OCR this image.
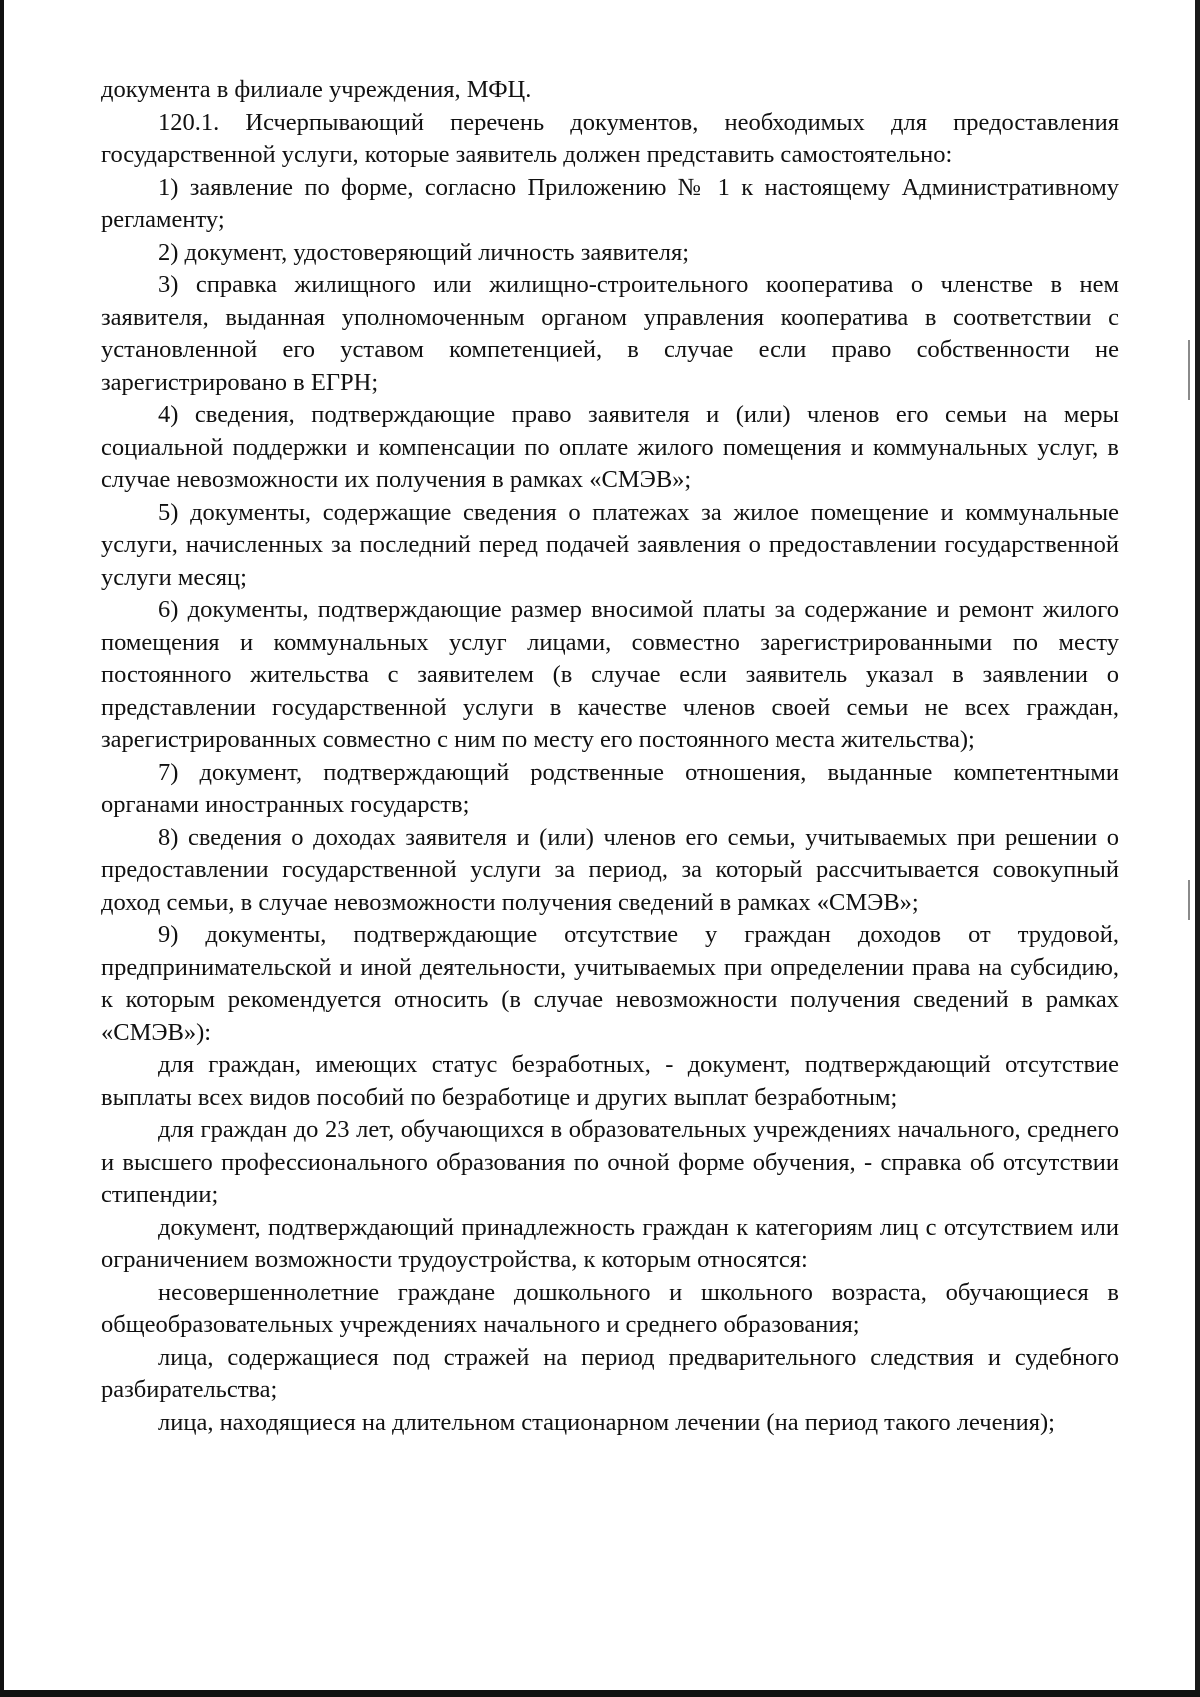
документа в филиале учреждения, МФЦ.

120.1. Исчерпывающий перечень документов, необходимых для предоставления государственной услуги, которые заявитель должен представить самостоятельно:

1) заявление по форме, согласно Приложению № 1 к настоящему Административному регламенту;

2) документ, удостоверяющий личность заявителя;

3) справка жилищного или жилищно-строительного кооператива о членстве в нем заявителя, выданная уполномоченным органом управления кооператива в соответствии с установленной его уставом компетенцией, в случае если право собственности не зарегистрировано в ЕГРН;

4) сведения, подтверждающие право заявителя и (или) членов его семьи на меры социальной поддержки и компенсации по оплате жилого помещения и коммунальных услуг, в случае невозможности их получения в рамках «СМЭВ»;

5) документы, содержащие сведения о платежах за жилое помещение и коммунальные услуги, начисленных за последний перед подачей заявления о предоставлении государственной услуги месяц;

6) документы, подтверждающие размер вносимой платы за содержание и ремонт жилого помещения и коммунальных услуг лицами, совместно зарегистрированными по месту постоянного жительства с заявителем (в случае если заявитель указал в заявлении о представлении государственной услуги в качестве членов своей семьи не всех граждан, зарегистрированных совместно с ним по месту его постоянного места жительства);

7) документ, подтверждающий родственные отношения, выданные компетентными органами иностранных государств;

8) сведения о доходах заявителя и (или) членов его семьи, учитываемых при решении о предоставлении государственной услуги за период, за который рассчитывается совокупный доход семьи, в случае невозможности получения сведений в рамках «СМЭВ»;

9) документы, подтверждающие отсутствие у граждан доходов от трудовой, предпринимательской и иной деятельности, учитываемых при определении права на субсидию, к которым рекомендуется относить (в случае невозможности получения сведений в рамках «СМЭВ»):

для граждан, имеющих статус безработных, - документ, подтверждающий отсутствие выплаты всех видов пособий по безработице и других выплат безработным;

для граждан до 23 лет, обучающихся в образовательных учреждениях начального, среднего и высшего профессионального образования по очной форме обучения, - справка об отсутствии стипендии;

документ, подтверждающий принадлежность граждан к категориям лиц с отсутствием или ограничением возможности трудоустройства, к которым относятся:

несовершеннолетние граждане дошкольного и школьного возраста, обучающиеся в общеобразовательных учреждениях начального и среднего образования;

лица, содержащиеся под стражей на период предварительного следствия и судебного разбирательства;

лица, находящиеся на длительном стационарном лечении (на период такого лечения);
